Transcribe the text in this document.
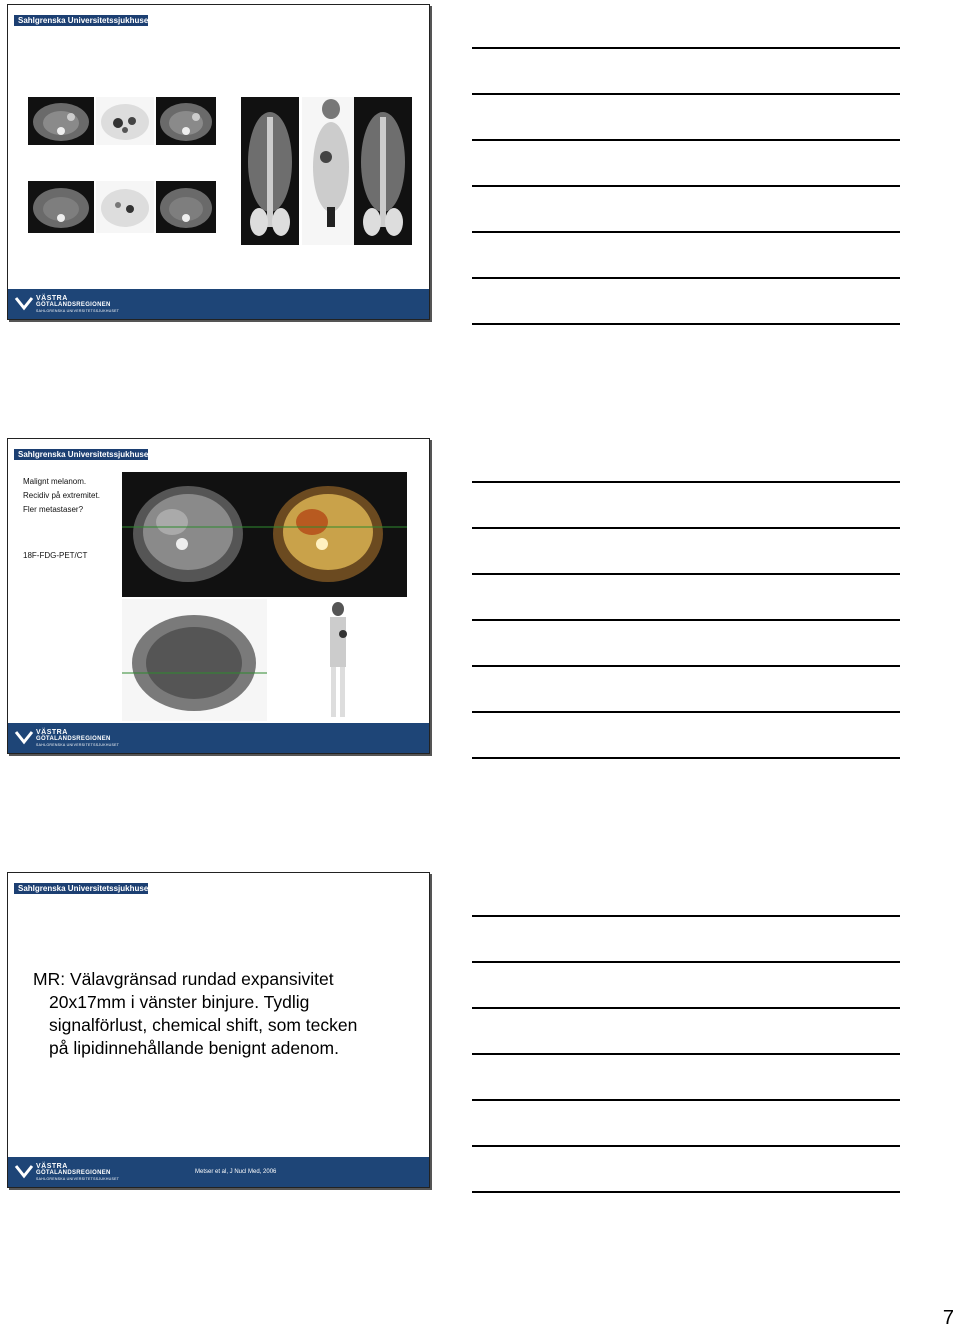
Sahlgrenska Universitetssjukhuset
VÄSTRA
GÖTALANDSREGIONEN
SAHLGRENSKA UNIVERSITETSSJUKHUSET
Sahlgrenska Universitetssjukhuset
Malignt melanom.
Recidiv på extremitet.
Fler metastaser?
18F-FDG-PET/CT
VÄSTRA
GÖTALANDSREGIONEN
SAHLGRENSKA UNIVERSITETSSJUKHUSET
Sahlgrenska Universitetssjukhuset
MR: Välavgränsad rundad expansivitet
20x17mm i vänster binjure. Tydlig
signalförlust, chemical shift, som tecken
på lipidinnehållande benignt adenom.
VÄSTRA
GÖTALANDSREGIONEN
SAHLGRENSKA UNIVERSITETSSJUKHUSET
Metser et al, J Nucl Med, 2006
7
